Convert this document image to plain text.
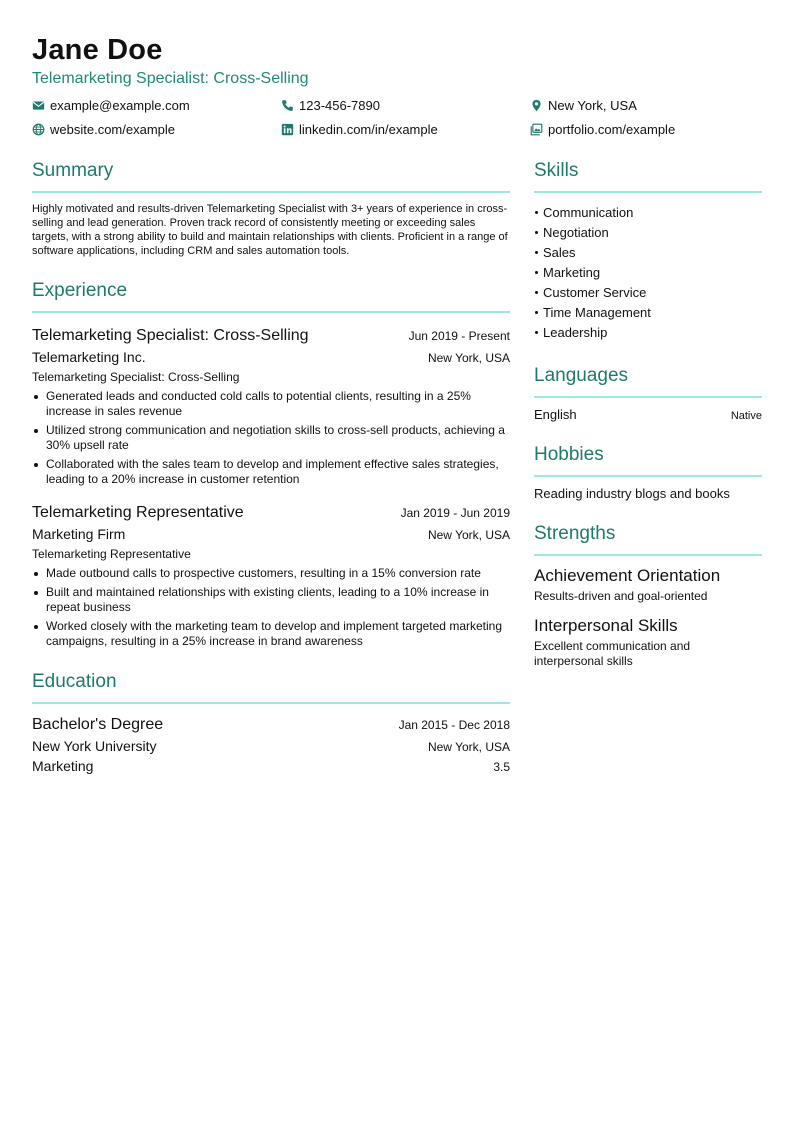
Jane Doe
Telemarketing Specialist: Cross-Selling
example@example.com	123-456-7890	New York, USA
website.com/example	linkedin.com/in/example	portfolio.com/example
Summary

Highly motivated and results-driven Telemarketing Specialist with 3+ years of experience in cross-selling and lead generation. Proven track record of consistently meeting or exceeding sales targets, with a strong ability to build and maintain relationships with clients. Proficient in a range of software applications, including CRM and sales automation tools.

Experience
Telemarketing Specialist: Cross-Selling	Jun 2019 - Present
Telemarketing Inc.	New York, USA
Telemarketing Specialist: Cross-Selling
Generated leads and conducted cold calls to potential clients, resulting in a 25% increase in sales revenue
Utilized strong communication and negotiation skills to cross-sell products, achieving a 30% upsell rate
Collaborated with the sales team to develop and implement effective sales strategies, leading to a 20% increase in customer retention
Telemarketing Representative	Jan 2019 - Jun 2019
Marketing Firm	New York, USA
Telemarketing Representative
Made outbound calls to prospective customers, resulting in a 15% conversion rate
Built and maintained relationships with existing clients, leading to a 10% increase in repeat business
Worked closely with the marketing team to develop and implement targeted marketing campaigns, resulting in a 25% increase in brand awareness
Education
Bachelor's Degree	Jan 2015 - Dec 2018
New York University	New York, USA
Marketing	3.5
Skills
Communication
Negotiation
Sales
Marketing
Customer Service
Time Management
Leadership
Languages
English	Native
Hobbies
Reading industry blogs and books
Strengths
Achievement Orientation
Results-driven and goal-oriented
Interpersonal Skills
Excellent communication and interpersonal skills
